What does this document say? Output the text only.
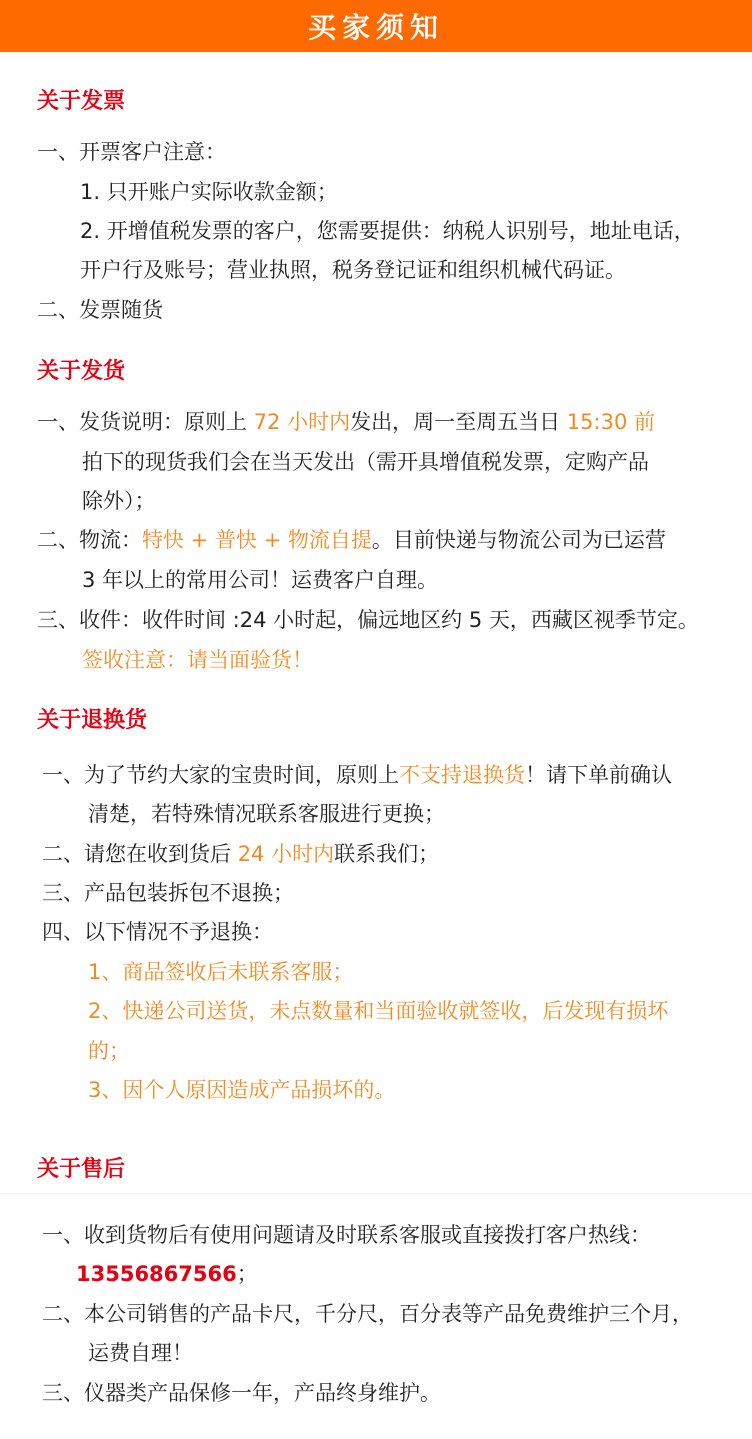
买家须知
关于发票
一、开票客户注意：
1. 只开账户实际收款金额；
2. 开增值税发票的客户，您需要提供：纳税人识别号，地址电话，
开户行及账号；营业执照，税务登记证和组织机械代码证。
二、发票随货
关于发货
一、发货说明：原则上 72 小时内发出，周一至周五当日 15:30 前
拍下的现货我们会在当天发出（需开具增值税发票，定购产品
除外）；
二、物流：特快 + 普快 + 物流自提。目前快递与物流公司为已运营
3 年以上的常用公司！运费客户自理。
三、收件：收件时间 :24 小时起，偏远地区约 5 天，西藏区视季节定。
签收注意：请当面验货！
关于退换货
一、为了节约大家的宝贵时间，原则上不支持退换货！请下单前确认
清楚，若特殊情况联系客服进行更换；
二、请您在收到货后 24 小时内联系我们；
三、产品包装拆包不退换；
四、以下情况不予退换：
1、商品签收后未联系客服；
2、快递公司送货，未点数量和当面验收就签收，后发现有损坏
的；
3、因个人原因造成产品损坏的。
关于售后
一、收到货物后有使用问题请及时联系客服或直接拨打客户热线：
13556867566；
二、本公司销售的产品卡尺，千分尺，百分表等产品免费维护三个月，
运费自理！
三、仪器类产品保修一年，产品终身维护。
